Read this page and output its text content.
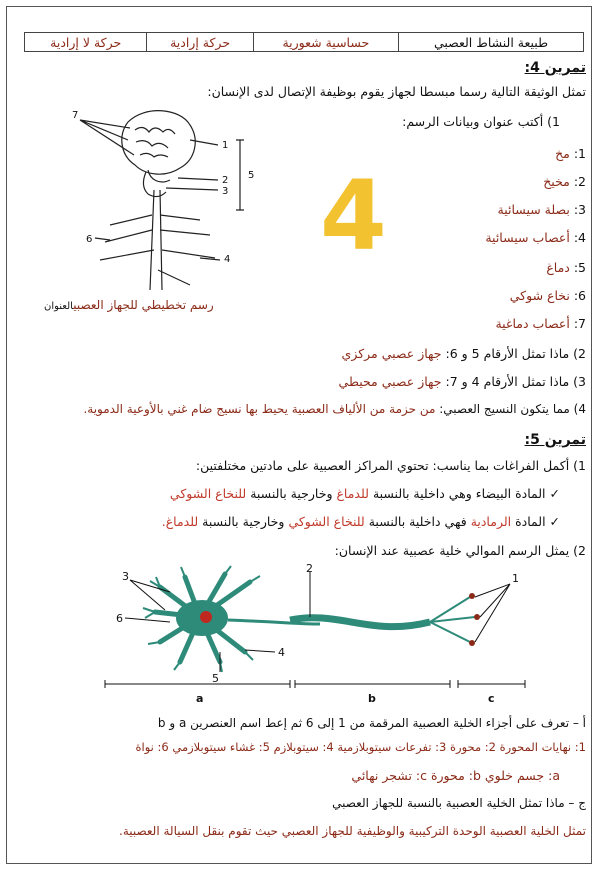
طبيعة النشاط العصبي	حساسية شعورية	حركة إرادية	حركة لا إرادية
تمرين 4:
تمثل الوثيقة التالية رسما مبسطا لجهاز يقوم بوظيفة الإتصال لدى الإنسان:
1) أكتب عنوان وبيانات الرسم:
1: مخ
2: مخيخ
3: بصلة سيسائية
4: أعصاب سيسائية
5: دماغ
6: نخاع شوكي
7: أعصاب دماغية
4
7
1
2
3
5
6
4
رسم تخطيطي للجهاز العصبيالعنوان
2) ماذا تمثل الأرقام 5 و 6: جهاز عصبي مركزي
3) ماذا تمثل الأرقام 4 و 7: جهاز عصبي محيطي
4) مما يتكون النسيج العصبي: من حزمة من الألياف العصبية يحيط بها نسيج ضام غني بالأوعية الدموية.
تمرين 5:
1) أكمل الفراغات بما يناسب: تحتوي المراكز العصبية على مادتين مختلفتين:
✓ المادة البيضاء وهي داخلية بالنسبة للدماغ وخارجية بالنسبة للنخاع الشوكي
✓ المادة الرمادية فهي داخلية بالنسبة للنخاع الشوكي وخارجية بالنسبة للدماغ.
2) يمثل الرسم الموالي خلية عصبية عند الإنسان:
3
2
1
6
4
5
a	b	c
أ – تعرف على أجزاء الخلية العصبية المرقمة من 1 إلى 6 ثم إعط اسم العنصرين a و b
1: نهايات المحورة 2: محورة 3: تفرعات سيتوبلازمية 4: سيتوبلازم 5: غشاء سيتوبلازمي 6: نواة
a: جسم خلوي b: محورة c: تشجر نهائي
ج – ماذا تمثل الخلية العصبية بالنسبة للجهاز العصبي
تمثل الخلية العصبية الوحدة التركيبية والوظيفية للجهاز العصبي حيث تقوم بنقل السيالة العصبية.
